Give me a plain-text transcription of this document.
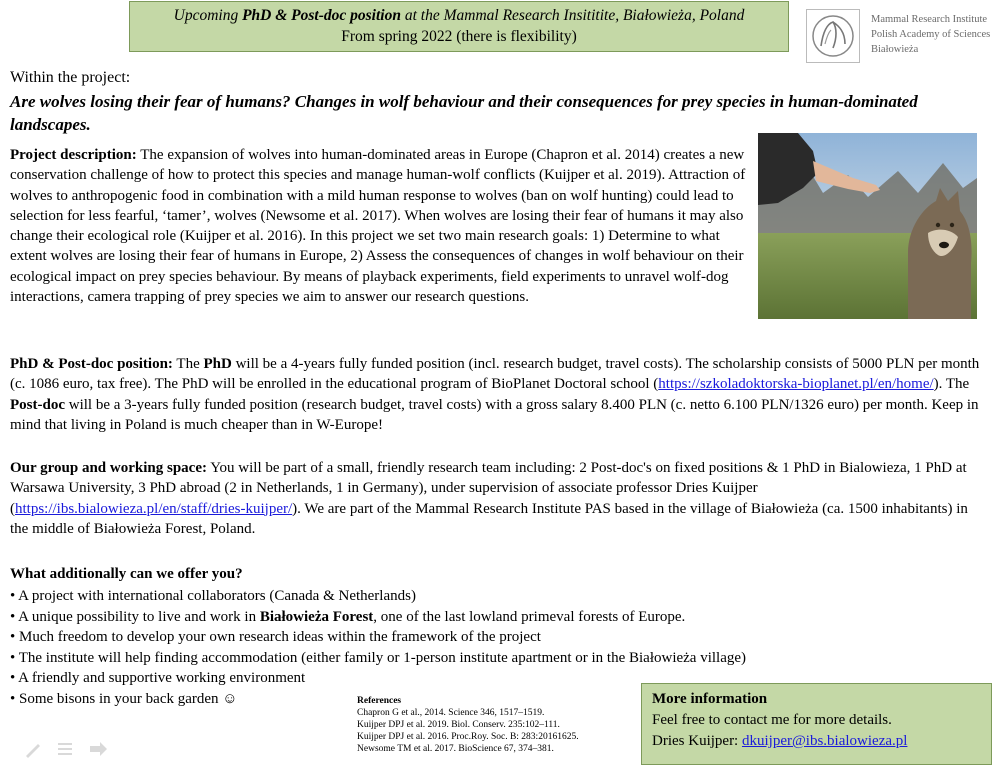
Upcoming PhD & Post-doc position at the Mammal Research Insititite, Białowieża, Poland
From spring 2022 (there is flexibility)
Mammal Research Institute
Polish Academy of Sciences
Białowieża
Within the project:
Are wolves losing their fear of humans? Changes in wolf behaviour and their consequences for prey species in human-dominated landscapes.
Project description: The expansion of wolves into human-dominated areas in Europe (Chapron et al. 2014) creates a new conservation challenge of how to protect this species and manage human-wolf conflicts (Kuijper et al. 2019). Attraction of wolves to anthropogenic food in combination with a mild human response to wolves (ban on wolf hunting) could lead to selection for less fearful, ‘tamer’, wolves (Newsome et al. 2017). When wolves are losing their fear of humans it may also change their ecological role (Kuijper et al. 2016). In this project we set two main research goals: 1) Determine to what extent wolves are losing their fear of humans in Europe, 2) Assess the consequences of changes in wolf behaviour on their ecological impact on prey species behaviour. By means of playback experiments, field experiments to unravel wolf-dog interactions, camera trapping of prey species we aim to answer our research questions.
PhD & Post-doc position: The PhD will be a 4-years fully funded position (incl. research budget, travel costs). The scholarship consists of 5000 PLN per month (c. 1086 euro, tax free). The PhD will be enrolled in the educational program of BioPlanet Doctoral school (https://szkoladoktorska-bioplanet.pl/en/home/). The Post-doc will be a 3-years fully funded position (research budget, travel costs) with a gross salary 8.400 PLN (c. netto 6.100 PLN/1326 euro) per month. Keep in mind that living in Poland is much cheaper than in W-Europe!
Our group and working space: You will be part of a small, friendly research team including: 2 Post-doc's on fixed positions & 1 PhD in Bialowieza, 1 PhD at Warsawa University, 3 PhD abroad (2 in Netherlands, 1 in Germany), under supervision of associate professor Dries Kuijper (https://ibs.bialowieza.pl/en/staff/dries-kuijper/). We are part of the Mammal Research Institute PAS based in the village of Białowieża (ca. 1500 inhabitants) in the middle of Białowieża Forest, Poland.
What additionally can we offer you?
• A project with international collaborators (Canada & Netherlands)
• A unique possibility to live and work in Białowieża Forest, one of the last lowland primeval forests of Europe.
• Much freedom to develop your own research ideas within the framework of the project
• The institute will help finding accommodation (either family or 1-person institute apartment or in the Białowieża village)
• A friendly and supportive working environment
• Some bisons in your back garden ☺	References
Chapron G et al., 2014. Science 346, 1517–1519.
Kuijper DPJ et al. 2019. Biol. Conserv. 235:102–111.
Kuijper DPJ et al. 2016. Proc.Roy. Soc. B: 283:20161625.
Newsome TM et al. 2017. BioScience 67, 374–381.
More information
Feel free to contact me for more details.
Dries Kuijper: dkuijper@ibs.bialowieza.pl
